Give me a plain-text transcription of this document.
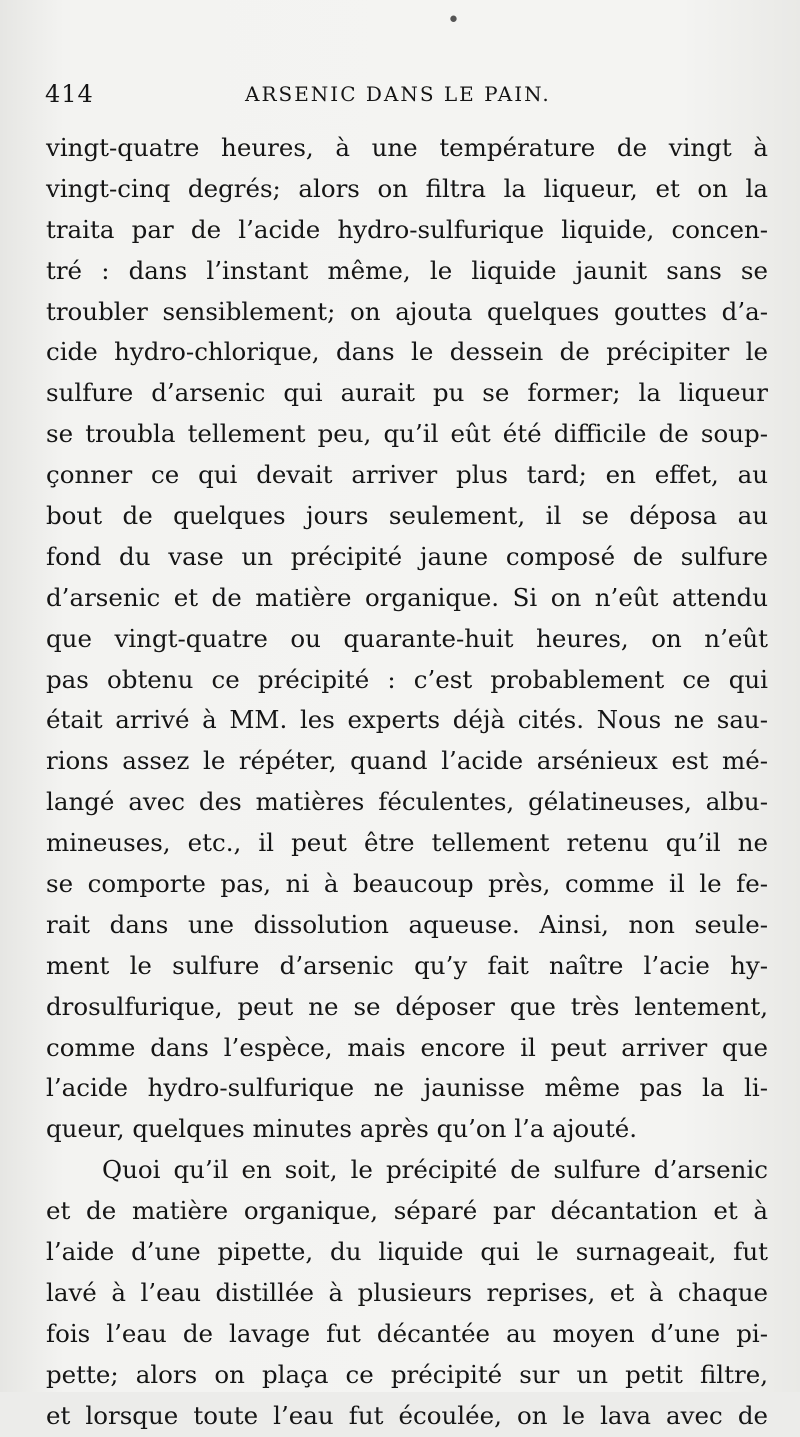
•
414	ARSENIC DANS LE PAIN.
vingt-quatre heures, à une température de vingt à
vingt-cinq degrés; alors on filtra la liqueur, et on la
traita par de l’acide hydro-sulfurique liquide, concen-
tré : dans l’instant même, le liquide jaunit sans se
troubler sensiblement; on ajouta quelques gouttes d’a-
cide hydro-chlorique, dans le dessein de précipiter le
sulfure d’arsenic qui aurait pu se former; la liqueur
se troubla tellement peu, qu’il eût été difficile de soup-
çonner ce qui devait arriver plus tard; en effet, au
bout de quelques jours seulement, il se déposa au
fond du vase un précipité jaune composé de sulfure
d’arsenic et de matière organique. Si on n’eût attendu
que vingt-quatre ou quarante-huit heures, on n’eût
pas obtenu ce précipité : c’est probablement ce qui
était arrivé à MM. les experts déjà cités. Nous ne sau-
rions assez le répéter, quand l’acide arsénieux est mé-
langé avec des matières féculentes, gélatineuses, albu-
mineuses, etc., il peut être tellement retenu qu’il ne
se comporte pas, ni à beaucoup près, comme il le fe-
rait dans une dissolution aqueuse. Ainsi, non seule-
ment le sulfure d’arsenic qu’y fait naître l’acie hy-
drosulfurique, peut ne se déposer que très lentement,
comme dans l’espèce, mais encore il peut arriver que
l’acide hydro-sulfurique ne jaunisse même pas la li-
queur, quelques minutes après qu’on l’a ajouté.
Quoi qu’il en soit, le précipité de sulfure d’arsenic
et de matière organique, séparé par décantation et à
l’aide d’une pipette, du liquide qui le surnageait, fut
lavé à l’eau distillée à plusieurs reprises, et à chaque
fois l’eau de lavage fut décantée au moyen d’une pi-
pette; alors on plaça ce précipité sur un petit filtre,
et lorsque toute l’eau fut écoulée, on le lava avec de
